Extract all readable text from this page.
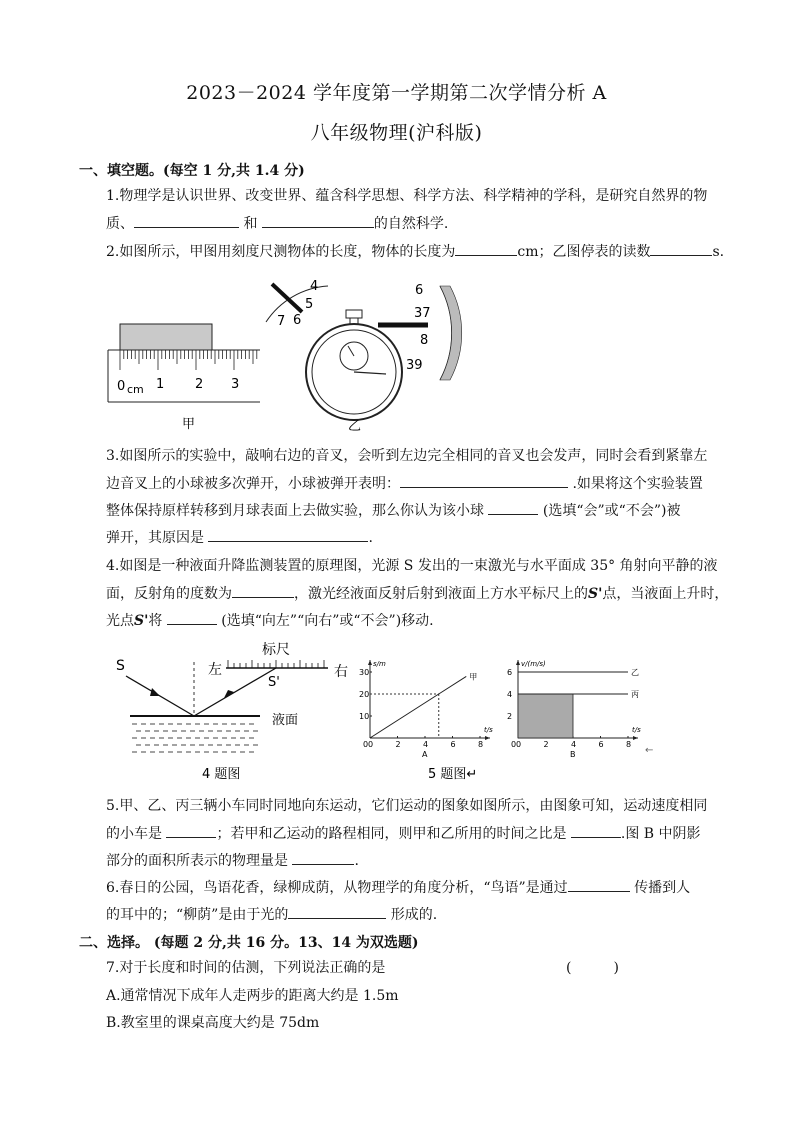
2023－2024 学年度第一学期第二次学情分析 A
八年级物理(沪科版)
一、填空题。(每空 1 分,共 1.4 分)
1.物理学是认识世界、改变世界、蕴含科学思想、科学方法、科学精神的学科，是研究自然界的物
质、	和	的自然科学.
2.如图所示，甲图用刻度尺测物体的长度，物体的长度为	cm；乙图停表的读数	s.
0 cm 1 2 3
甲
4
5
6
7
6
37
8
39
乙
3.如图所示的实验中，敲响右边的音叉，会听到左边完全相同的音叉也会发声，同时会看到紧靠左
边音叉上的小球被多次弹开，小球被弹开表明：	.如果将这个实验装置
整体保持原样转移到月球表面上去做实验，那么你认为该小球	(选填“会”或“不会”)被
弹开，其原因是	.
4.如图是一种液面升降监测装置的原理图，光源 S 发出的一束激光与水平面成 35° 角射向平静的液
面，反射角的度数为	，激光经液面反射后射到液面上方水平标尺上的S'点，当液面上升时，
光点S'将	(选填“向左”“向右”或“不会”)移动.
S	左
标尺
右
S'
液面
4 题图
s/m
t/s
0	2	4	6	8
10
20
30
0
A
甲
v/(m/s)
t/s
0	2	4	6	8
2
4
6
0
B
乙
丙
5 题图↵
←
5.甲、乙、丙三辆小车同时同地向东运动，它们运动的图象如图所示，由图象可知，运动速度相同
的小车是	；若甲和乙运动的路程相同，则甲和乙所用的时间之比是	.图 B 中阴影
部分的面积所表示的物理量是	.
6.春日的公园，鸟语花香，绿柳成荫，从物理学的角度分析，“鸟语”是通过	传播到人
的耳中的；“柳荫”是由于光的	形成的.
二、选择。 (每题 2 分,共 16 分。13、14 为双选题)
7.对于长度和时间的估测，下列说法正确的是	(　　　)
A.通常情况下成年人走两步的距离大约是 1.5m
B.教室里的课桌高度大约是 75dm
